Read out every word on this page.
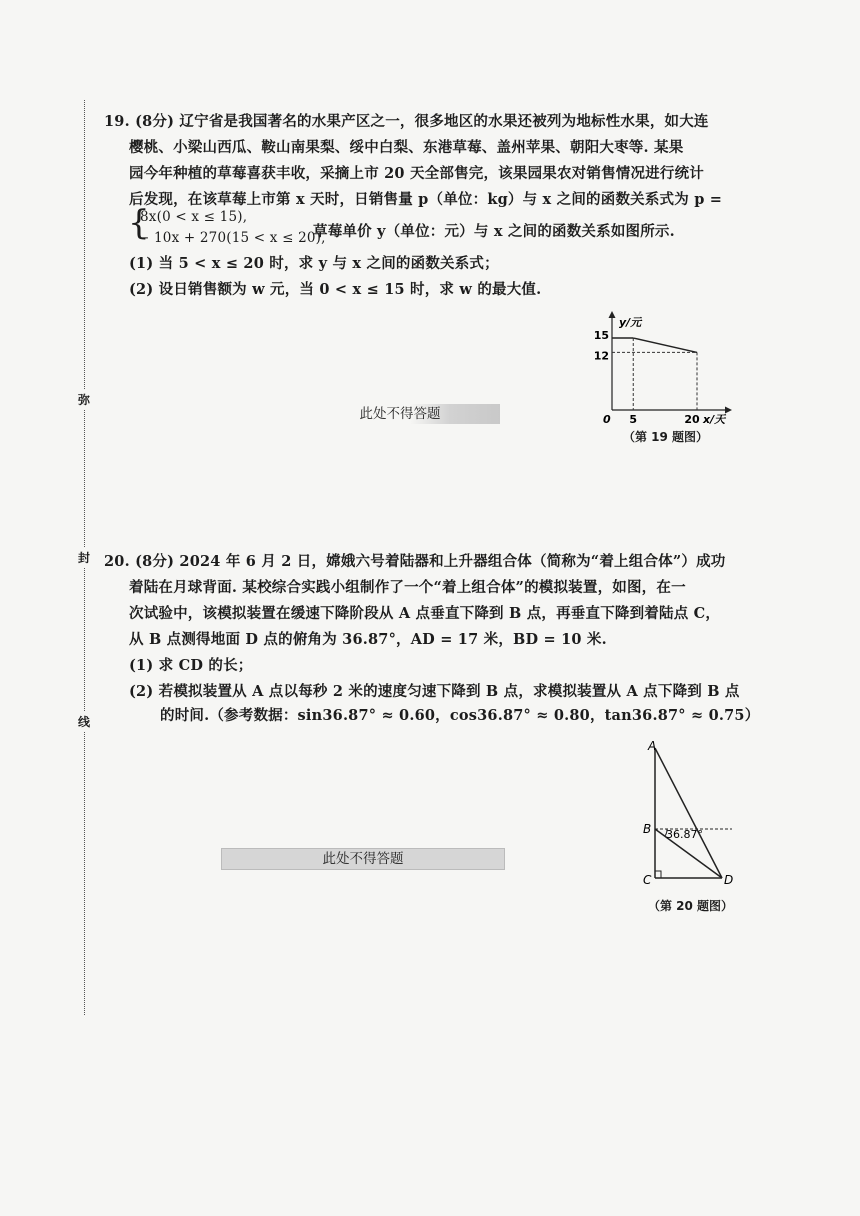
弥
封
线
19. (8分) 辽宁省是我国著名的水果产区之一，很多地区的水果还被列为地标性水果，如大连
樱桃、小梁山西瓜、鞍山南果梨、绥中白梨、东港草莓、盖州苹果、朝阳大枣等. 某果
园今年种植的草莓喜获丰收，采摘上市 20 天全部售完，该果园果农对销售情况进行统计
后发现，在该草莓上市第 x 天时，日销售量 p（单位：kg）与 x 之间的函数关系式为 p =
{
8x(0 < x ≤ 15),
− 10x + 270(15 < x ≤ 20),
草莓单价 y（单位：元）与 x 之间的函数关系如图所示.
(1) 当 5 < x ≤ 20 时，求 y 与 x 之间的函数关系式；
(2) 设日销售额为 w 元，当 0 < x ≤ 15 时，求 w 的最大值.
此处不得答题
12
15
5	20
y/元
x/天
0
（第 19 题图）
20. (8分) 2024 年 6 月 2 日，嫦娥六号着陆器和上升器组合体（简称为“着上组合体”）成功
着陆在月球背面. 某校综合实践小组制作了一个“着上组合体”的模拟装置，如图，在一
次试验中，该模拟装置在缓速下降阶段从 A 点垂直下降到 B 点，再垂直下降到着陆点 C，
从 B 点测得地面 D 点的俯角为 36.87°，AD = 17 米，BD = 10 米.
(1) 求 CD 的长；
(2) 若模拟装置从 A 点以每秒 2 米的速度匀速下降到 B 点，求模拟装置从 A 点下降到 B 点
的时间.（参考数据：sin36.87° ≈ 0.60，cos36.87° ≈ 0.80，tan36.87° ≈ 0.75）
此处不得答题
A
B
C	D
36.87°
（第 20 题图）
